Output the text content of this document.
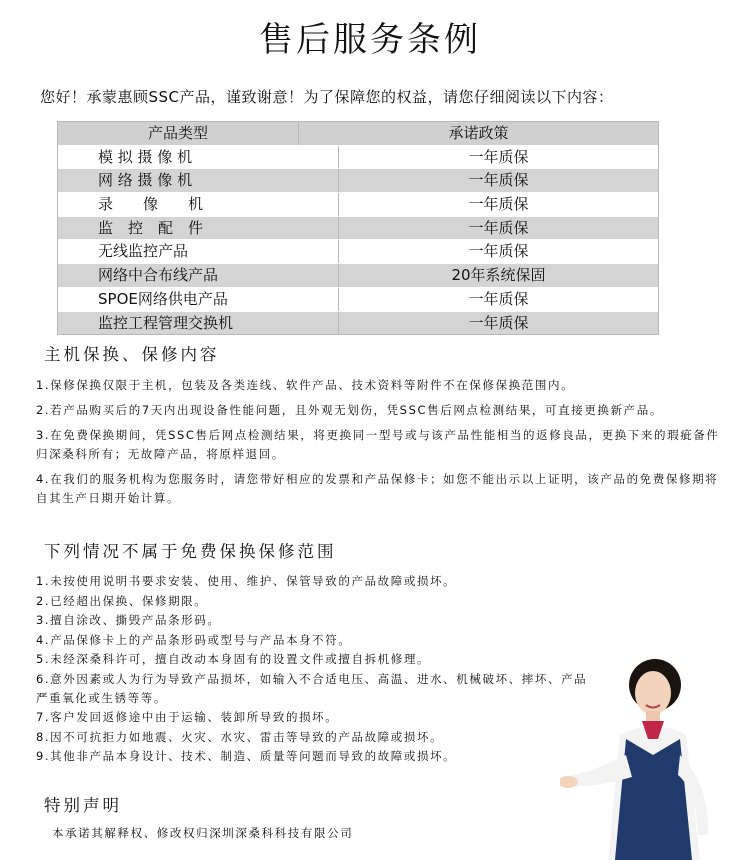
售后服务条例
您好！承蒙惠顾SSC产品，谨致谢意！为了保障您的权益，请您仔细阅读以下内容：
产品类型	承诺政策
模 拟 摄 像 机	一年质保
网 络 摄 像 机	一年质保
录　　像　　机	一年质保
监　控　配　件	一年质保
无线监控产品	一年质保
网络中合布线产品	20年系统保固
SPOE网络供电产品	一年质保
监控工程管理交换机	一年质保
主机保换、保修内容
1.保修保换仅限于主机，包装及各类连线、软件产品、技术资料等附件不在保修保换范围内。
2.若产品购买后的7天内出现设备性能问题，且外观无划伤，凭SSC售后网点检测结果，可直接更换新产品。
3.在免费保换期间，凭SSC售后网点检测结果，将更换同一型号或与该产品性能相当的返修良品，更换下来的瑕疵备件归深桑科所有；无故障产品，将原样退回。
4.在我们的服务机构为您服务时，请您带好相应的发票和产品保修卡；如您不能出示以上证明，该产品的免费保修期将自其生产日期开始计算。
下列情况不属于免费保换保修范围
1.未按使用说明书要求安装、使用、维护、保管导致的产品故障或损坏。
2.已经超出保换、保修期限。
3.擅自涂改、撕毁产品条形码。
4.产品保修卡上的产品条形码或型号与产品本身不符。
5.未经深桑科许可，擅自改动本身固有的设置文件或擅自拆机修理。
6.意外因素或人为行为导致产品损坏，如输入不合适电压、高温、进水、机械破坏、摔坏、产品严重氧化或生锈等等。
7.客户发回返修途中由于运输、装卸所导致的损坏。
8.因不可抗拒力如地震、火灾、水灾、雷击等导致的产品故障或损坏。
9.其他非产品本身设计、技术、制造、质量等问题而导致的故障或损坏。
特别声明
本承诺其解释权、修改权归深圳深桑科科技有限公司
